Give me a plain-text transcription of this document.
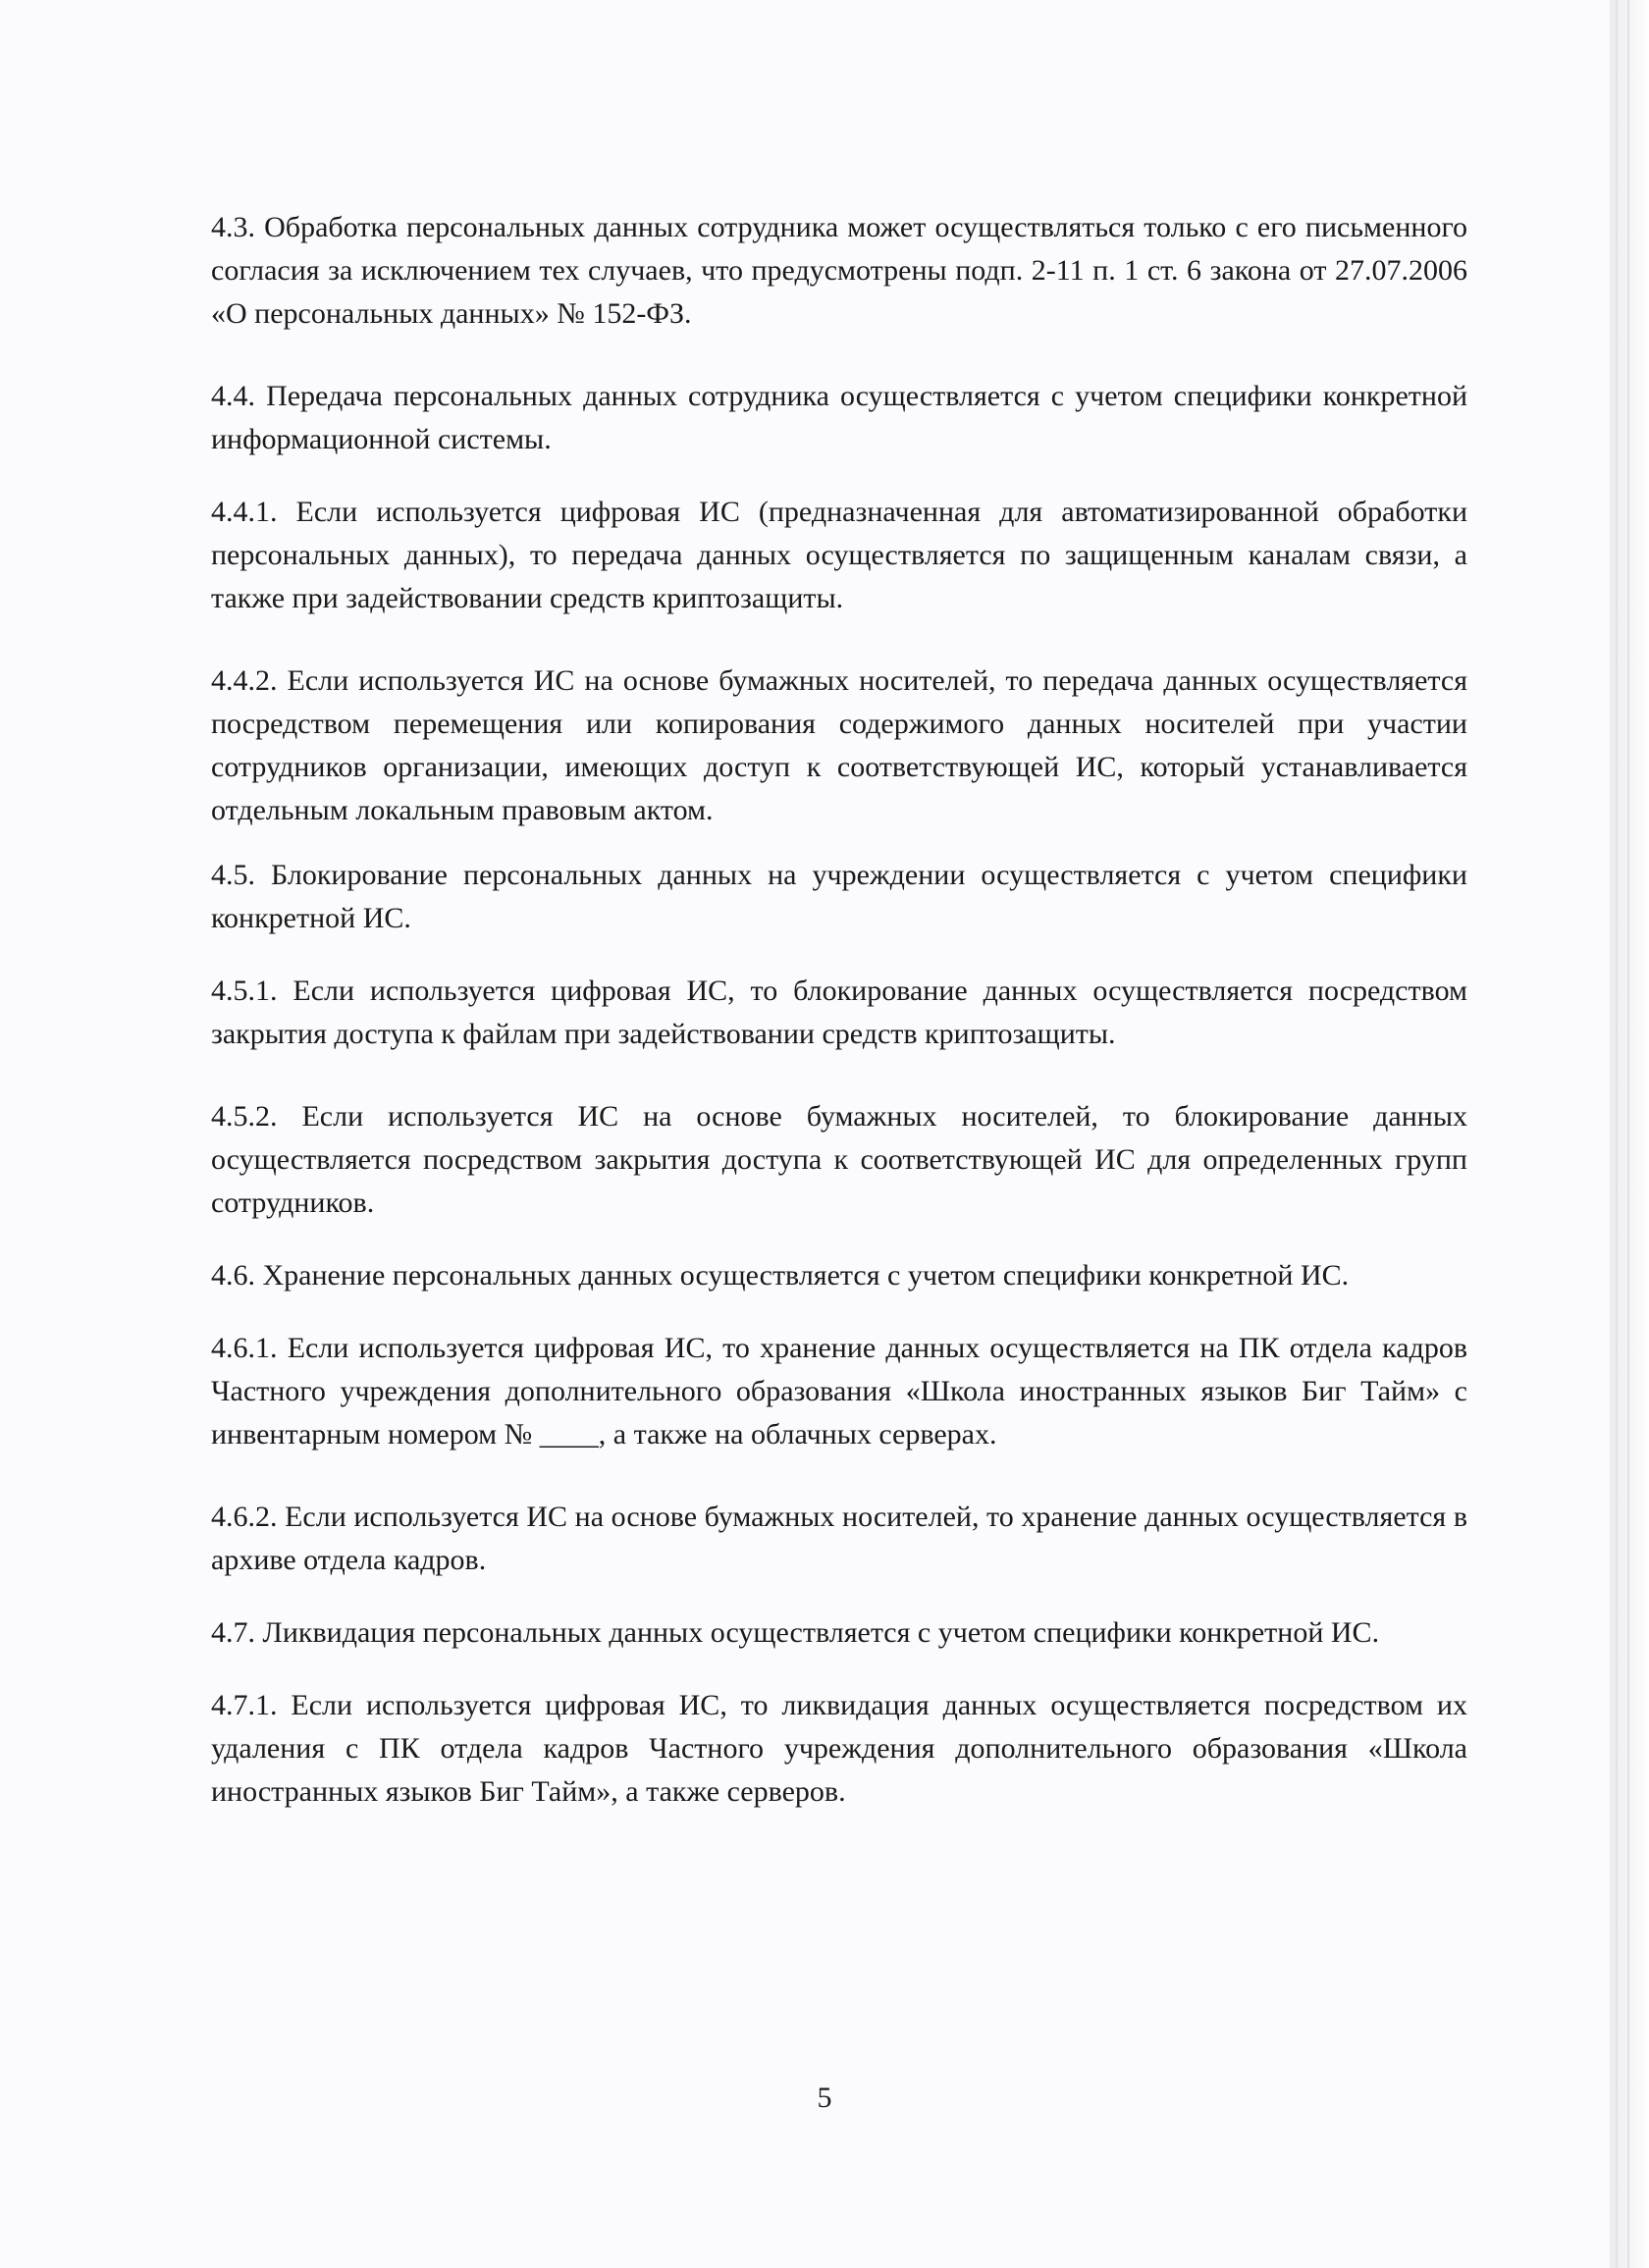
4.3. Обработка персональных данных сотрудника может осуществляться только с его письменного согласия за исключением тех случаев, что предусмотрены подп. 2-11 п. 1 ст. 6 закона от 27.07.2006 «О персональных данных» № 152-ФЗ.

4.4. Передача персональных данных сотрудника осуществляется с учетом специфики конкретной информационной системы.

4.4.1. Если используется цифровая ИС (предназначенная для автоматизированной обработки персональных данных), то передача данных осуществляется по защищенным каналам связи, а также при задействовании средств криптозащиты.

4.4.2. Если используется ИС на основе бумажных носителей, то передача данных осуществляется посредством перемещения или копирования содержимого данных носителей при участии сотрудников организации, имеющих доступ к соответствующей ИС, который устанавливается отдельным локальным правовым актом.

4.5. Блокирование персональных данных на учреждении осуществляется с учетом специфики конкретной ИС.

4.5.1. Если используется цифровая ИС, то блокирование данных осуществляется посредством закрытия доступа к файлам при задействовании средств криптозащиты.

4.5.2. Если используется ИС на основе бумажных носителей, то блокирование данных осуществляется посредством закрытия доступа к соответствующей ИС для определенных групп сотрудников.

4.6. Хранение персональных данных осуществляется с учетом специфики конкретной ИС.

4.6.1. Если используется цифровая ИС, то хранение данных осуществляется на ПК отдела кадров Частного учреждения дополнительного образования «Школа иностранных языков Биг Тайм» с инвентарным номером № ____, а также на облачных серверах.

4.6.2. Если используется ИС на основе бумажных носителей, то хранение данных осуществляется в архиве отдела кадров.

4.7. Ликвидация персональных данных осуществляется с учетом специфики конкретной ИС.

4.7.1. Если используется цифровая ИС, то ликвидация данных осуществляется посредством их удаления с ПК отдела кадров Частного учреждения дополнительного образования «Школа иностранных языков Биг Тайм», а также серверов.

5
